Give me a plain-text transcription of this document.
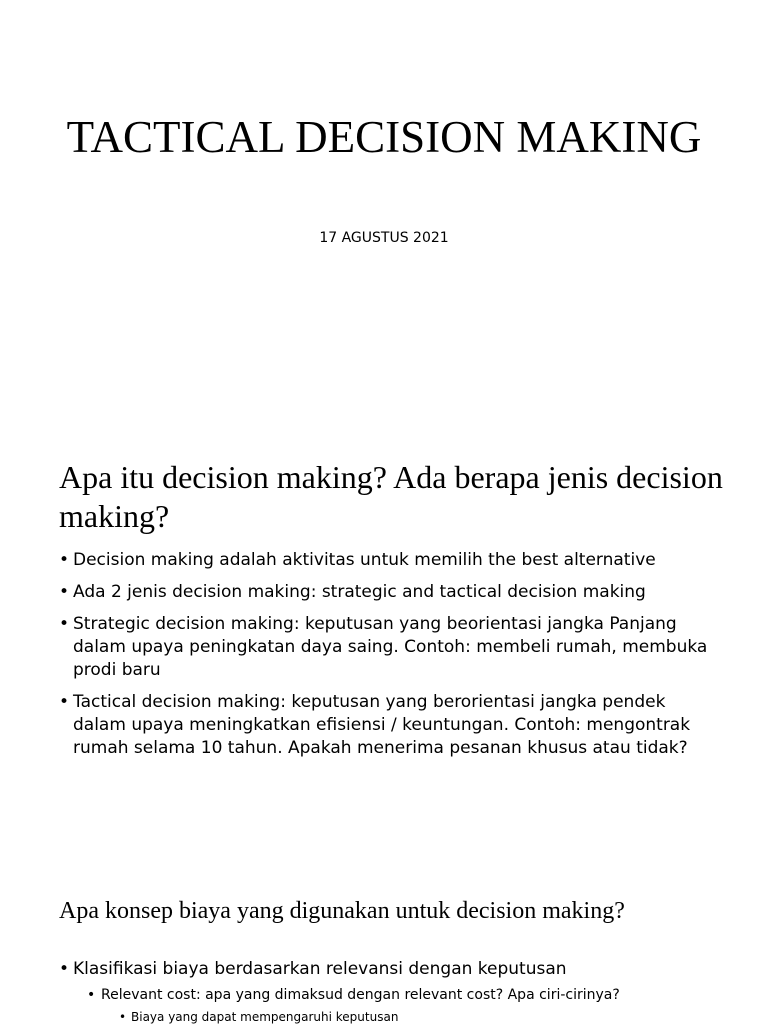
TACTICAL DECISION MAKING

17 AGUSTUS 2021

Apa itu decision making? Ada berapa jenis decision making?
• Decision making adalah aktivitas untuk memilih the best alternative
• Ada 2 jenis decision making: strategic and tactical decision making
• Strategic decision making: keputusan yang beorientasi jangka Panjang dalam upaya peningkatan daya saing. Contoh: membeli rumah, membuka prodi baru
• Tactical decision making: keputusan yang berorientasi jangka pendek dalam upaya meningkatkan efisiensi / keuntungan. Contoh: mengontrak rumah selama 10 tahun. Apakah menerima pesanan khusus atau tidak?
Apa konsep biaya yang digunakan untuk decision making?
• Klasifikasi biaya berdasarkan relevansi dengan keputusan
• Relevant cost: apa yang dimaksud dengan relevant cost? Apa ciri-cirinya?
• Biaya yang dapat mempengaruhi keputusan
